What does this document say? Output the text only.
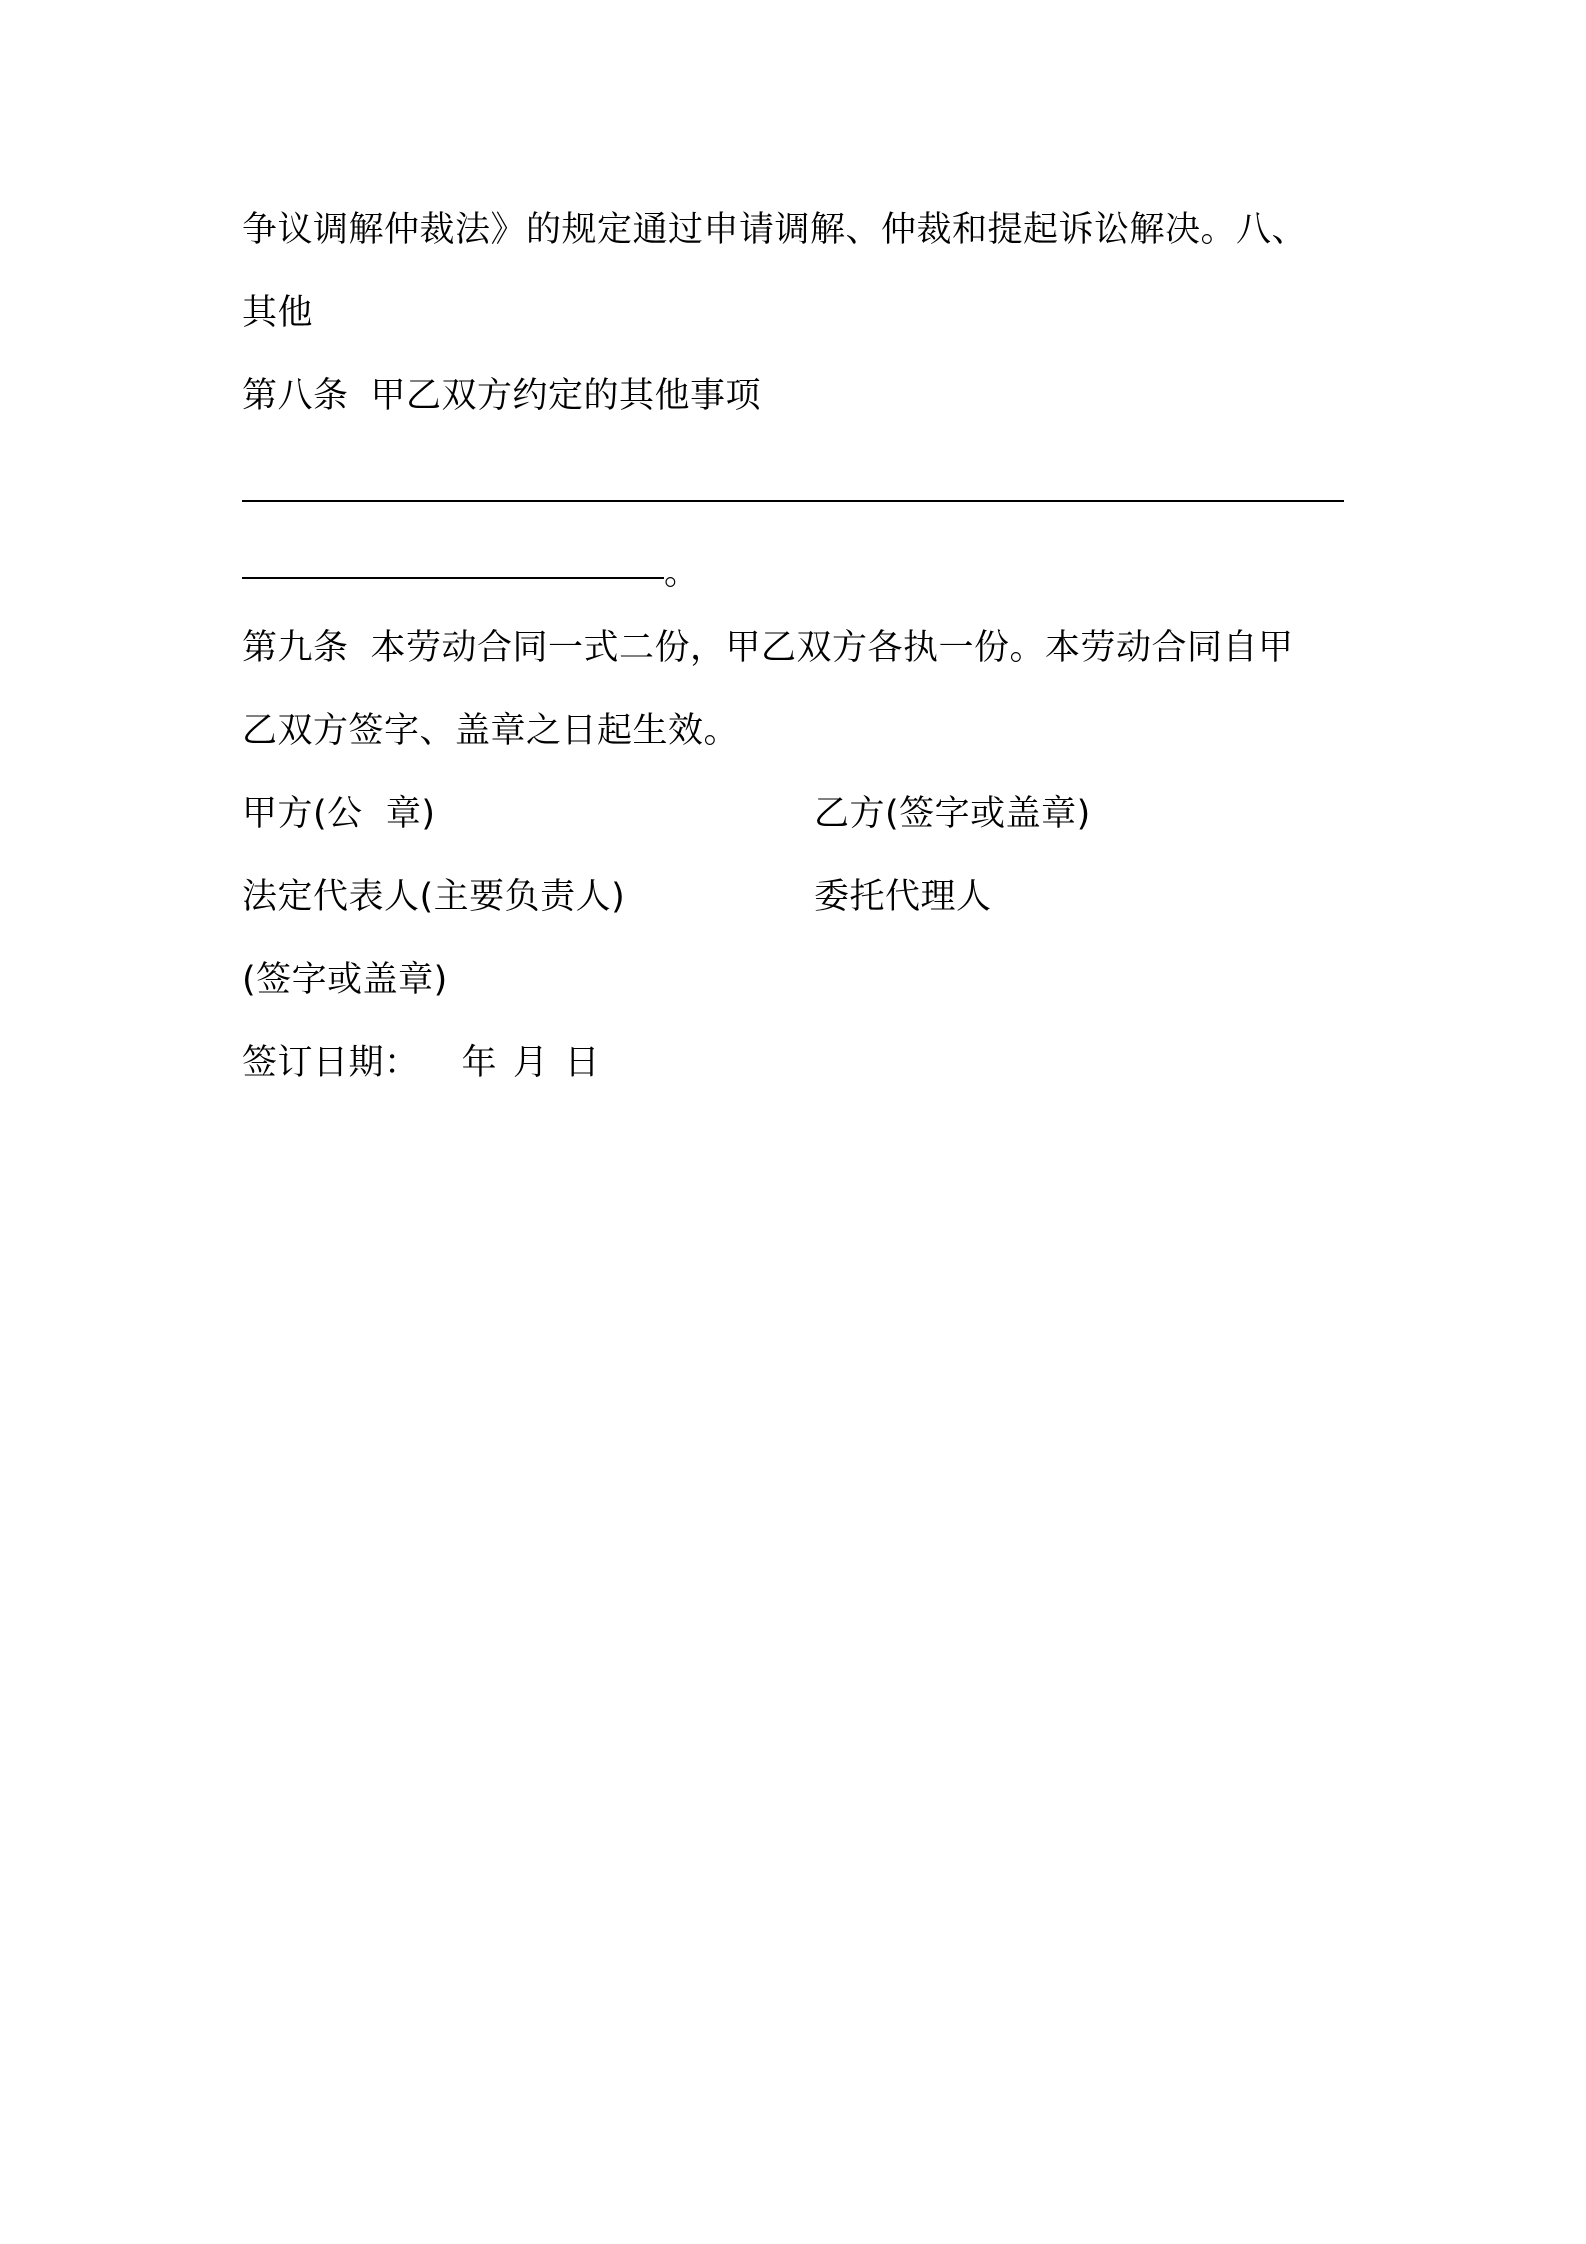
争议调解仲裁法》的规定通过申请调解、仲裁和提起诉讼解决。八、
其他
第八条 甲乙双方约定的其他事项
。
第九条 本劳动合同一式二份，甲乙双方各执一份。本劳动合同自甲
乙双方签字、盖章之日起生效。
甲方(公  章)	乙方(签字或盖章)
法定代表人(主要负责人)	委托代理人
(签字或盖章)
签订日期： 年 月 日
